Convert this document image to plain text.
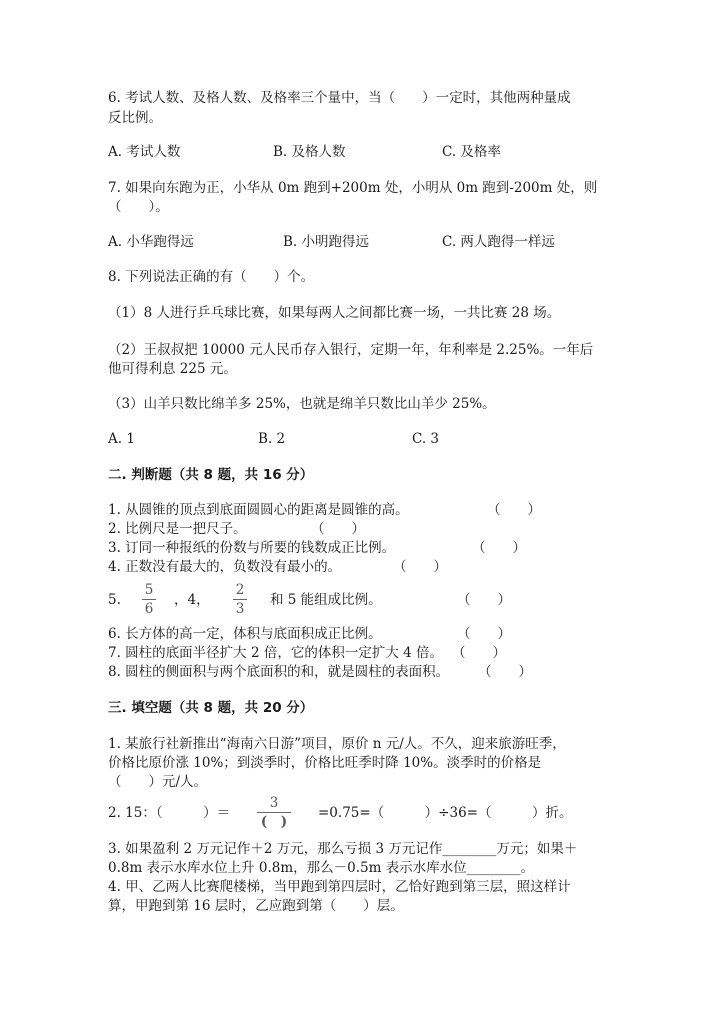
6. 考试人数、及格人数、及格率三个量中，当（　　）一定时，其他两种量成
反比例。
A. 考试人数	B. 及格人数	C. 及格率
7. 如果向东跑为正，小华从 0m 跑到+200m 处，小明从 0m 跑到-200m 处，则
（　　）。
A. 小华跑得远	B. 小明跑得远	C. 两人跑得一样远
8. 下列说法正确的有（　　）个。
（1）8 人进行乒乓球比赛，如果每两人之间都比赛一场，一共比赛 28 场。
（2）王叔叔把 10000 元人民币存入银行，定期一年，年利率是 2.25%。一年后
他可得利息 225 元。
（3）山羊只数比绵羊多 25%，也就是绵羊只数比山羊少 25%。
A. 1	B. 2	C. 3
二. 判断题（共 8 题，共 16 分）
1. 从圆锥的顶点到底面圆圆心的距离是圆锥的高。	（　　）
2. 比例尺是一把尺子。	（　　）
3. 订同一种报纸的份数与所要的钱数成正比例。	（　　）
4. 正数没有最大的，负数没有最小的。	（　　）
5.
5
6
，4，
2
3
和 5 能组成比例。	（　　）
6. 长方体的高一定，体积与底面积成正比例。	（　　）
7. 圆柱的底面半径扩大 2 倍，它的体积一定扩大 4 倍。 （　　）
8. 圆柱的侧面积与两个底面积的和，就是圆柱的表面积。 （　　）
三. 填空题（共 8 题，共 20 分）
1. 某旅行社新推出“海南六日游”项目，原价 n 元/人。不久，迎来旅游旺季，
价格比原价涨 10%；到淡季时，价格比旺季时降 10%。淡季时的价格是
（　　）元/人。
2. 15：（　　　）＝
3
(　)
=0.75=（　　　）÷36=（　　　）折。
3. 如果盈利 2 万元记作＋2 万元，那么亏损 3 万元记作________万元；如果＋
0.8m 表示水库水位上升 0.8m，那么－0.5m 表示水库水位________。
4. 甲、乙两人比赛爬楼梯，当甲跑到第四层时，乙恰好跑到第三层，照这样计
算，甲跑到第 16 层时，乙应跑到第（　　）层。
